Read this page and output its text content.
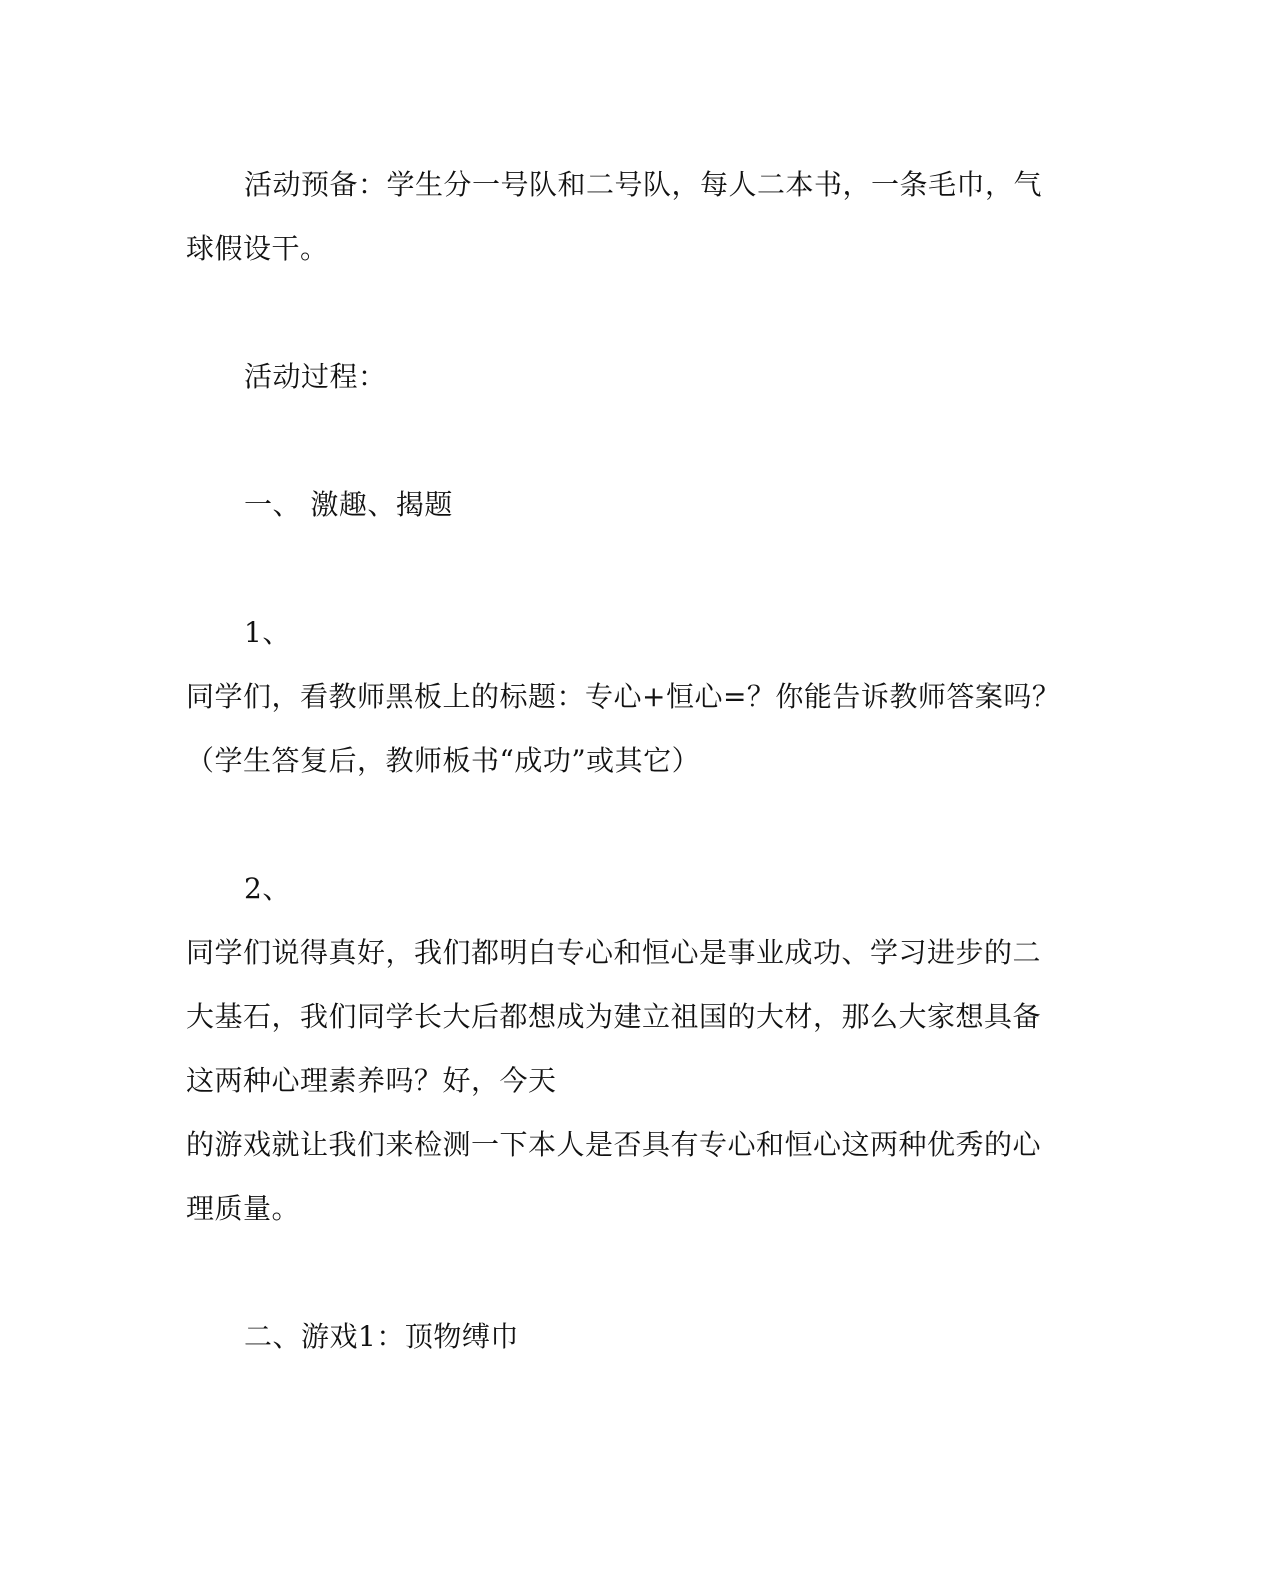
活动预备：学生分一号队和二号队，每人二本书，一条毛巾，气
球假设干。
活动过程：
一、 激趣、揭题
1、
同学们，看教师黑板上的标题：专心+恒心=？你能告诉教师答案吗？
（学生答复后，教师板书“成功”或其它）
2、
同学们说得真好，我们都明白专心和恒心是事业成功、学习进步的二
大基石，我们同学长大后都想成为建立祖国的大材，那么大家想具备
这两种心理素养吗？好，今天
的游戏就让我们来检测一下本人是否具有专心和恒心这两种优秀的心
理质量。
二、游戏1：顶物缚巾
